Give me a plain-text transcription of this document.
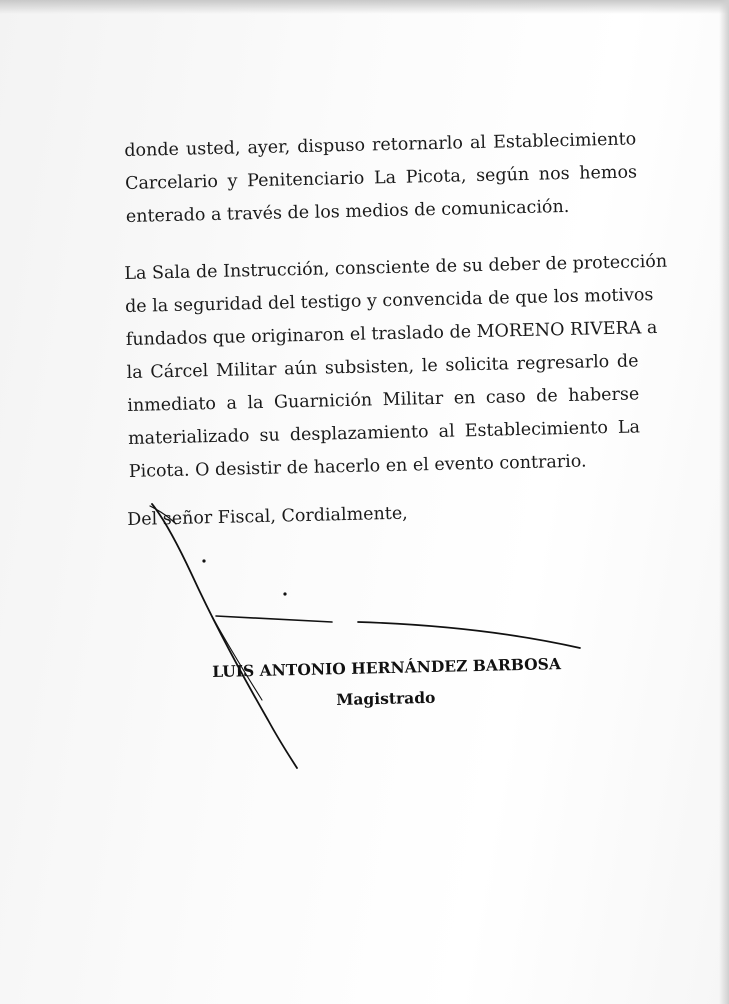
donde usted, ayer, dispuso retornarlo al Establecimiento
Carcelario y Penitenciario La Picota, según nos hemos
enterado a través de los medios de comunicación.
La Sala de Instrucción, consciente de su deber de protección
de la seguridad del testigo y convencida de que los motivos
fundados que originaron el traslado de MORENO RIVERA a
la Cárcel Militar aún subsisten, le solicita regresarlo de
inmediato a la Guarnición Militar en caso de haberse
materializado su desplazamiento al Establecimiento La
Picota. O desistir de hacerlo en el evento contrario.
Del señor Fiscal, Cordialmente,
LUIS ANTONIO HERNÁNDEZ BARBOSA
Magistrado
